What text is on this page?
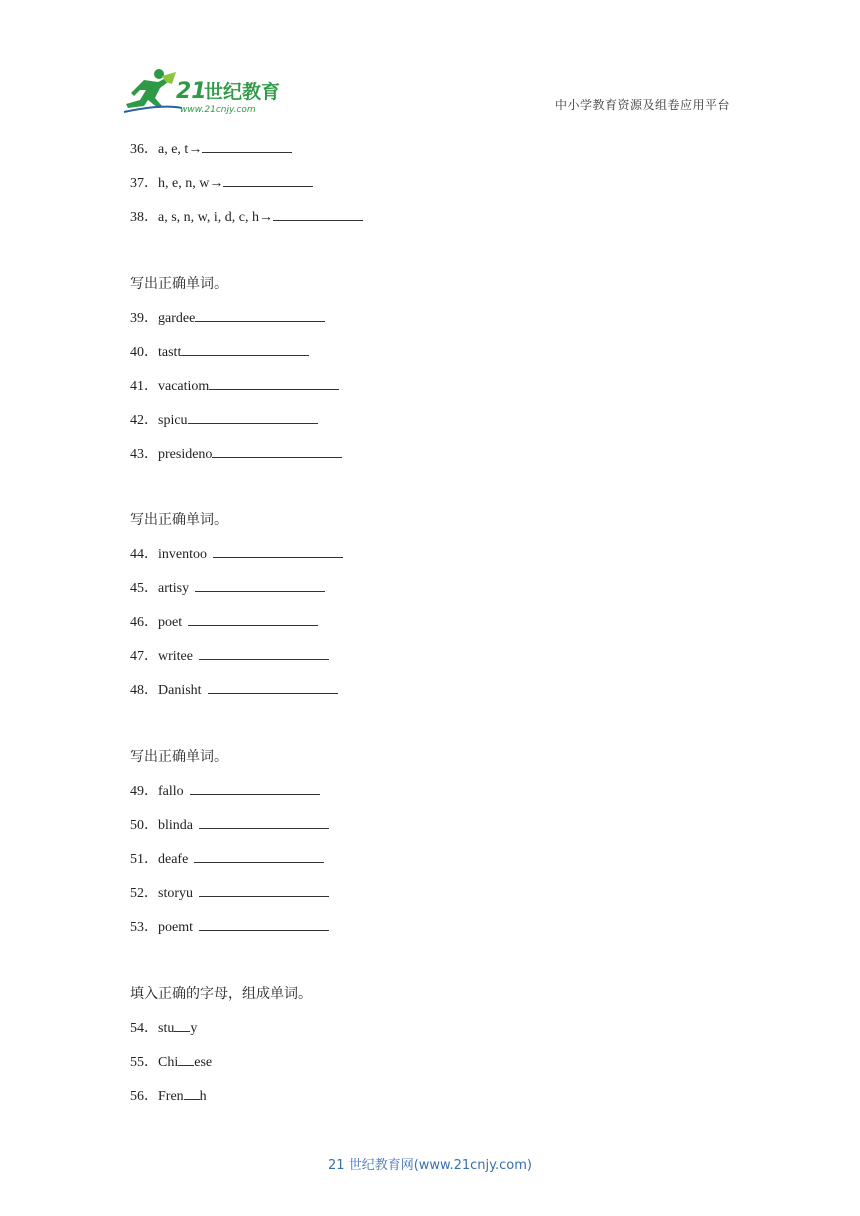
21
世纪教育
www.21cnjy.com	中小学教育资源及组卷应用平台
36．a, e, t→
37．h, e, n, w→
38．a, s, n, w, i, d, c, h→
写出正确单词。
39．gardee
40．tastt
41．vacatiom
42．spicu
43．presideno
写出正确单词。
44．inventoo
45．artisy
46．poet
47．writee
48．Danisht
写出正确单词。
49．fallo
50．blinda
51．deafe
52．storyu
53．poemt
填入正确的字母，组成单词。
54．stu y
55．Chi ese
56．Fren h
21 世纪教育网(www.21cnjy.com)
